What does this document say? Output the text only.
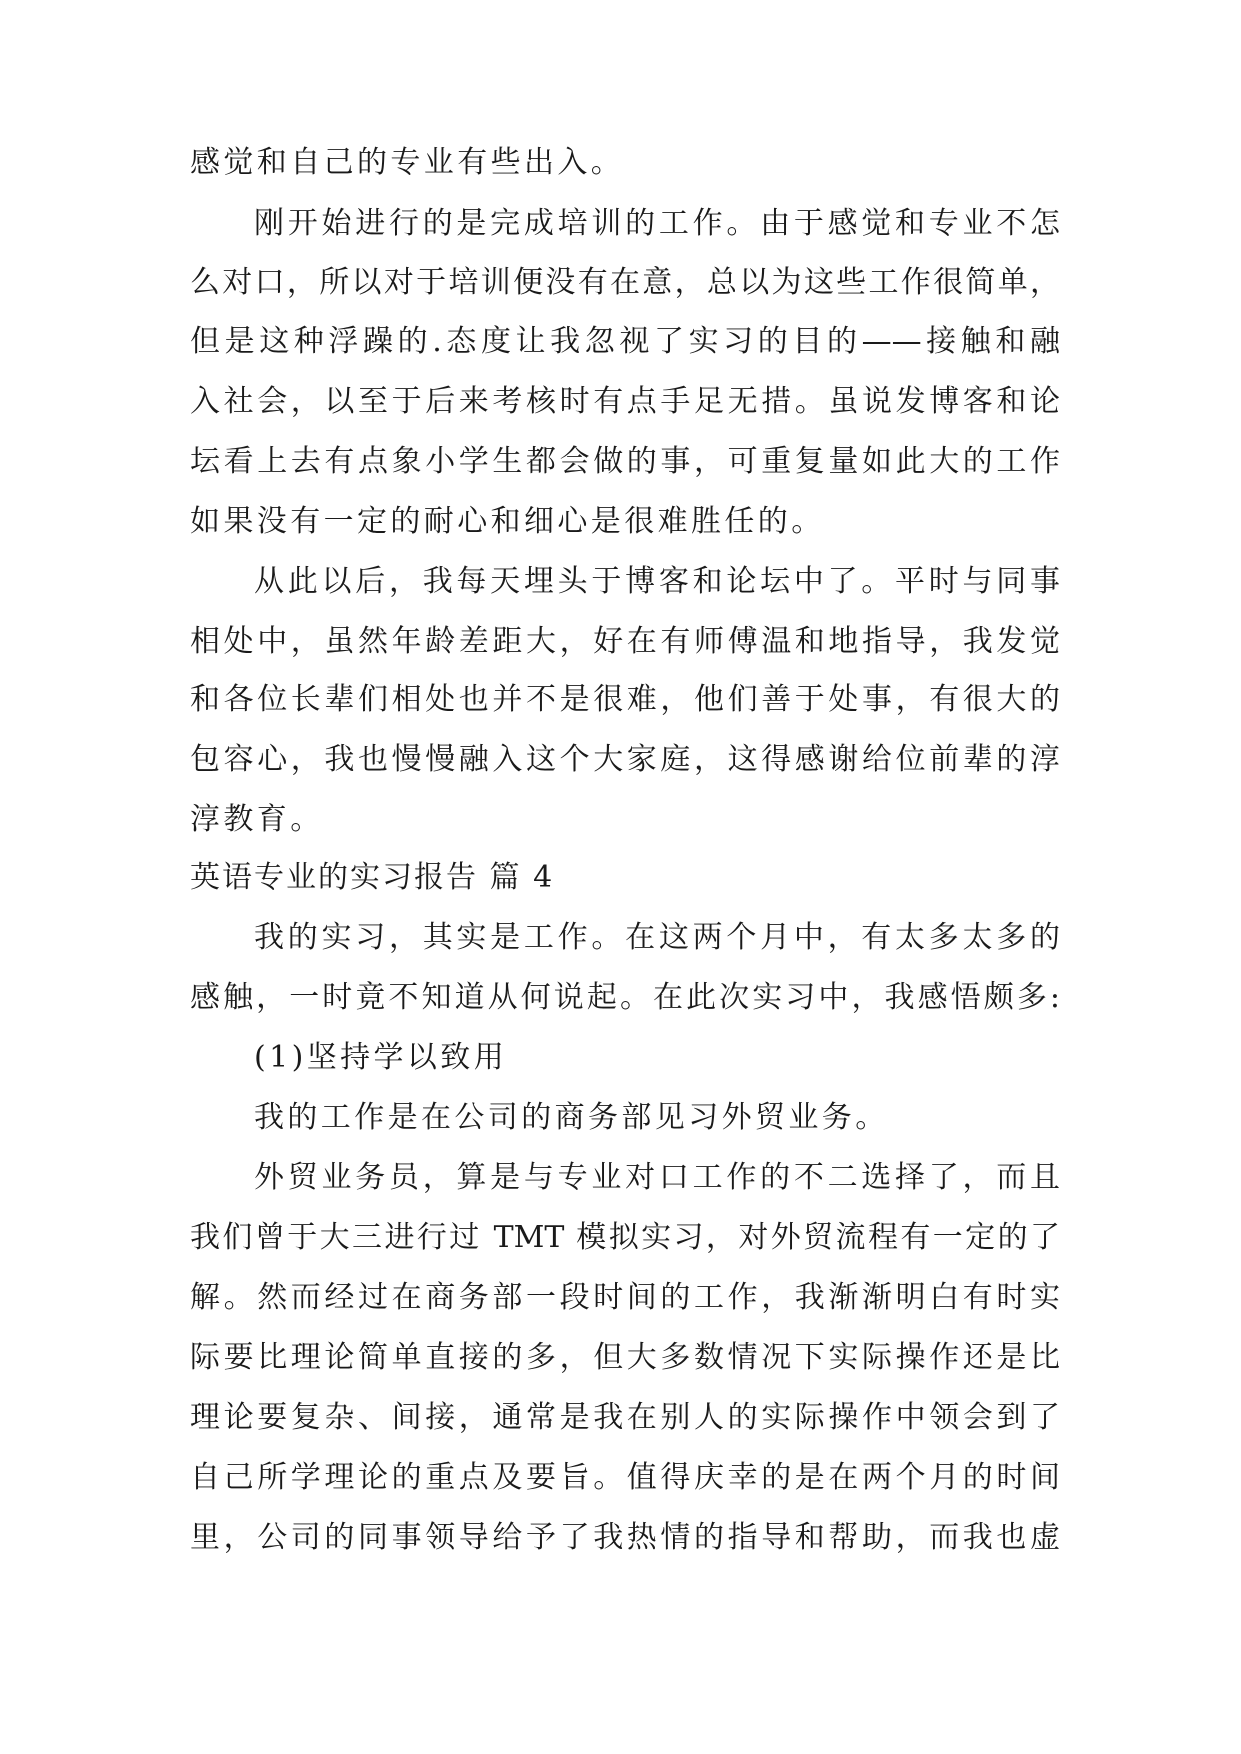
感觉和自己的专业有些出入。

刚开始进行的是完成培训的工作。由于感觉和专业不怎

么对口，所以对于培训便没有在意，总以为这些工作很简单，

但是这种浮躁的.态度让我忽视了实习的目的——接触和融

入社会，以至于后来考核时有点手足无措。虽说发博客和论

坛看上去有点象小学生都会做的事，可重复量如此大的工作

如果没有一定的耐心和细心是很难胜任的。

从此以后，我每天埋头于博客和论坛中了。平时与同事

相处中，虽然年龄差距大，好在有师傅温和地指导，我发觉

和各位长辈们相处也并不是很难，他们善于处事，有很大的

包容心，我也慢慢融入这个大家庭，这得感谢给位前辈的淳

淳教育。

英语专业的实习报告 篇 4

我的实习，其实是工作。在这两个月中，有太多太多的

感触，一时竟不知道从何说起。在此次实习中，我感悟颇多:

(1)坚持学以致用

我的工作是在公司的商务部见习外贸业务。

外贸业务员，算是与专业对口工作的不二选择了，而且

我们曾于大三进行过 TMT 模拟实习，对外贸流程有一定的了

解。然而经过在商务部一段时间的工作，我渐渐明白有时实

际要比理论简单直接的多，但大多数情况下实际操作还是比

理论要复杂、间接，通常是我在别人的实际操作中领会到了

自己所学理论的重点及要旨。值得庆幸的是在两个月的时间

里，公司的同事领导给予了我热情的指导和帮助，而我也虚
